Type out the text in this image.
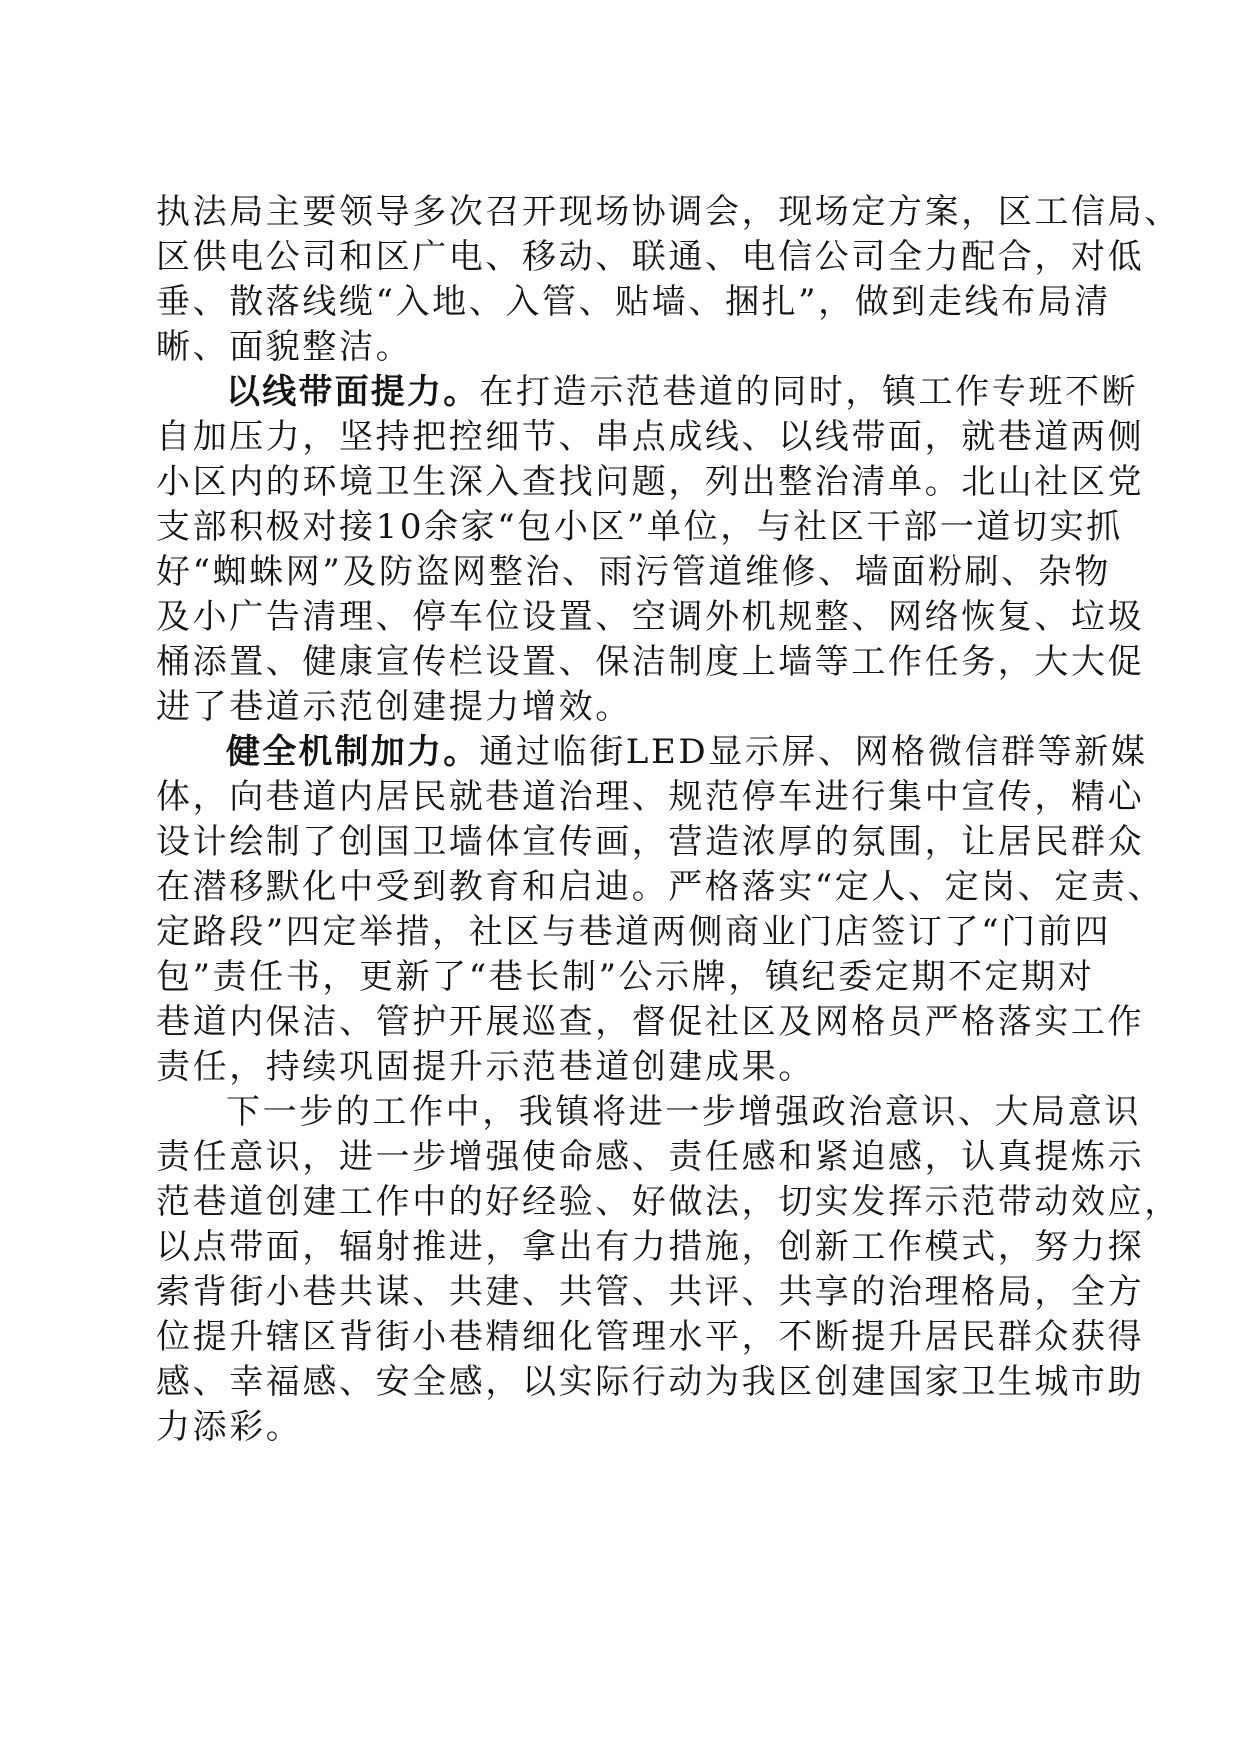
执法局主要领导多次召开现场协调会，现场定方案，区工信局、
区供电公司和区广电、移动、联通、电信公司全力配合，对低
垂、散落线缆“入地、入管、贴墙、捆扎”，做到走线布局清
晰、面貌整洁。
以线带面提力。在打造示范巷道的同时，镇工作专班不断
自加压力，坚持把控细节、串点成线、以线带面，就巷道两侧
小区内的环境卫生深入查找问题，列出整治清单。北山社区党
支部积极对接10余家“包小区”单位，与社区干部一道切实抓
好“蜘蛛网”及防盗网整治、雨污管道维修、墙面粉刷、杂物
及小广告清理、停车位设置、空调外机规整、网络恢复、垃圾
桶添置、健康宣传栏设置、保洁制度上墙等工作任务，大大促
进了巷道示范创建提力增效。
健全机制加力。通过临街LED显示屏、网格微信群等新媒
体，向巷道内居民就巷道治理、规范停车进行集中宣传，精心
设计绘制了创国卫墙体宣传画，营造浓厚的氛围，让居民群众
在潜移默化中受到教育和启迪。严格落实“定人、定岗、定责、
定路段”四定举措，社区与巷道两侧商业门店签订了“门前四
包”责任书，更新了“巷长制”公示牌，镇纪委定期不定期对
巷道内保洁、管护开展巡查，督促社区及网格员严格落实工作
责任，持续巩固提升示范巷道创建成果。
下一步的工作中，我镇将进一步增强政治意识、大局意识
责任意识，进一步增强使命感、责任感和紧迫感，认真提炼示
范巷道创建工作中的好经验、好做法，切实发挥示范带动效应，
以点带面，辐射推进，拿出有力措施，创新工作模式，努力探
索背街小巷共谋、共建、共管、共评、共享的治理格局，全方
位提升辖区背街小巷精细化管理水平，不断提升居民群众获得
感、幸福感、安全感，以实际行动为我区创建国家卫生城市助
力添彩。
